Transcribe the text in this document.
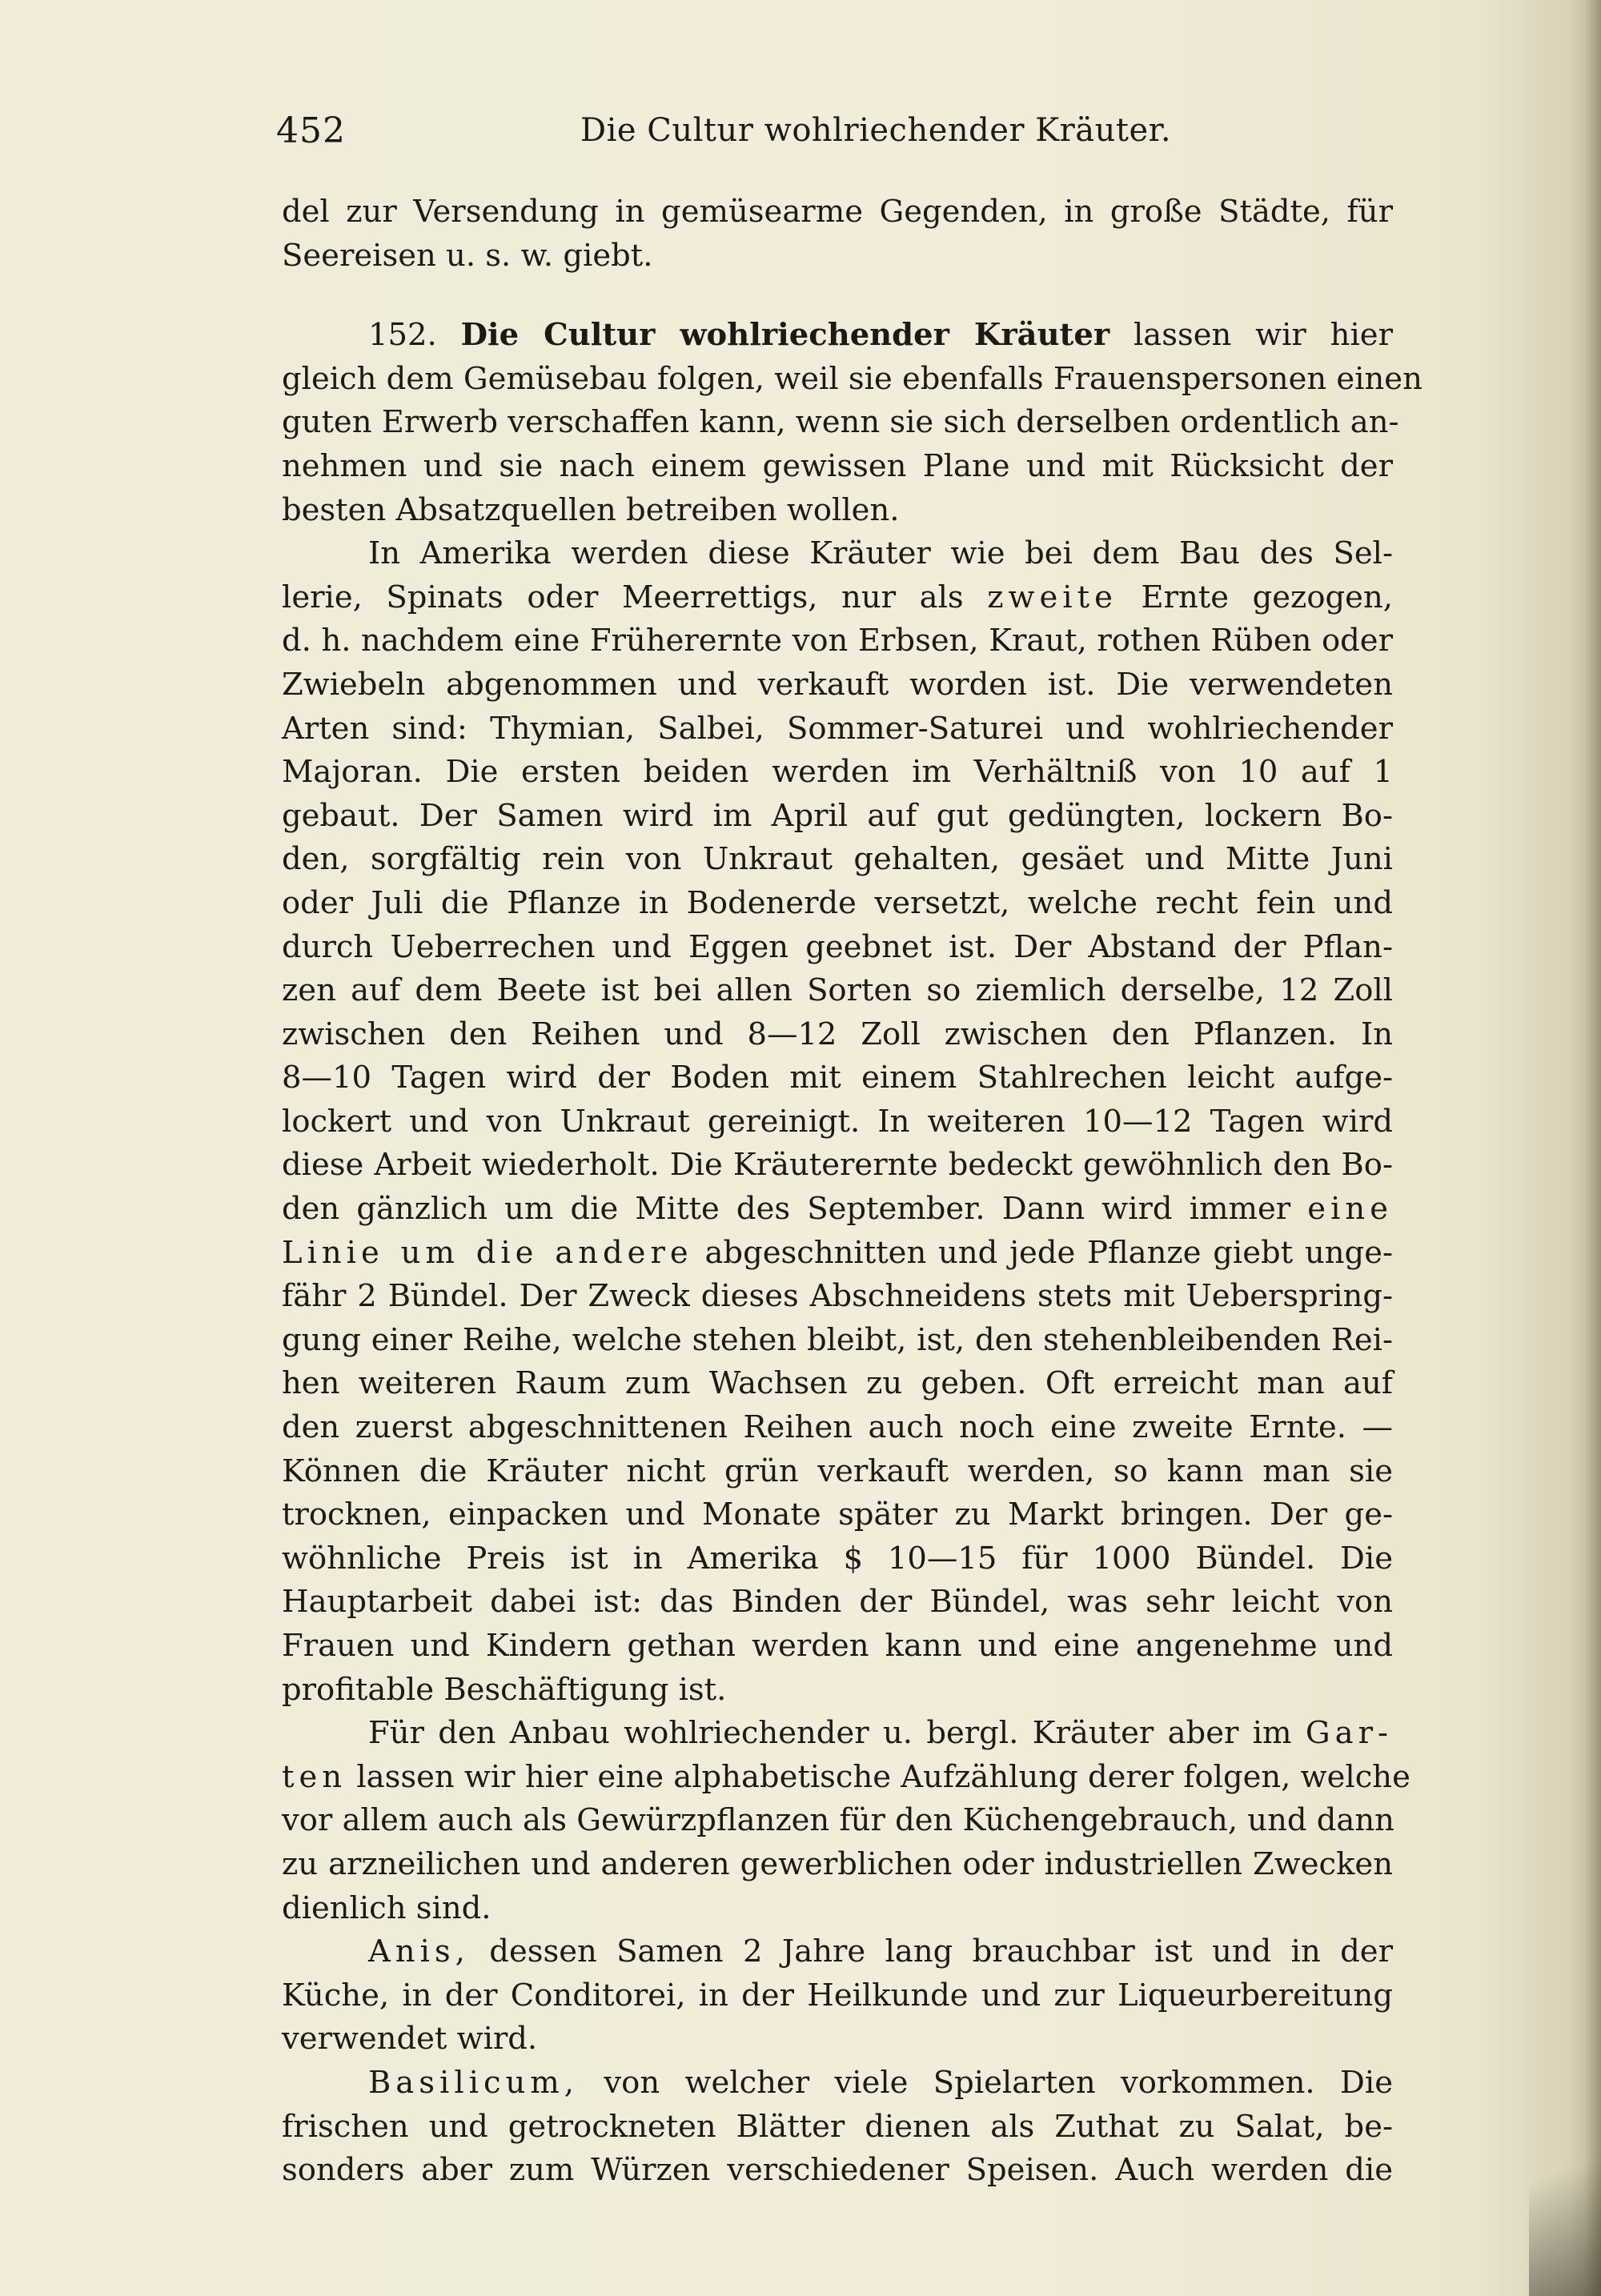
452	Die Cultur wohlriechender Kräuter.
del zur Versendung in gemüsearme Gegenden, in große Städte, für
Seereisen u. s. w. giebt.
152. Die Cultur wohlriechender Kräuter lassen wir hier
gleich dem Gemüsebau folgen, weil sie ebenfalls Frauenspersonen einen
guten Erwerb verschaffen kann, wenn sie sich derselben ordentlich an-
nehmen und sie nach einem gewissen Plane und mit Rücksicht der
besten Absatzquellen betreiben wollen.
In Amerika werden diese Kräuter wie bei dem Bau des Sel-
lerie, Spinats oder Meerrettigs, nur als zweite Ernte gezogen,
d. h. nachdem eine Früherernte von Erbsen, Kraut, rothen Rüben oder
Zwiebeln abgenommen und verkauft worden ist. Die verwendeten
Arten sind: Thymian, Salbei, Sommer-Saturei und wohlriechender
Majoran. Die ersten beiden werden im Verhältniß von 10 auf 1
gebaut. Der Samen wird im April auf gut gedüngten, lockern Bo-
den, sorgfältig rein von Unkraut gehalten, gesäet und Mitte Juni
oder Juli die Pflanze in Bodenerde versetzt, welche recht fein und
durch Ueberrechen und Eggen geebnet ist. Der Abstand der Pflan-
zen auf dem Beete ist bei allen Sorten so ziemlich derselbe, 12 Zoll
zwischen den Reihen und 8—12 Zoll zwischen den Pflanzen. In
8—10 Tagen wird der Boden mit einem Stahlrechen leicht aufge-
lockert und von Unkraut gereinigt. In weiteren 10—12 Tagen wird
diese Arbeit wiederholt. Die Kräuterernte bedeckt gewöhnlich den Bo-
den gänzlich um die Mitte des September. Dann wird immer eine
Linie um die andere abgeschnitten und jede Pflanze giebt unge-
fähr 2 Bündel. Der Zweck dieses Abschneidens stets mit Ueberspring-
gung einer Reihe, welche stehen bleibt, ist, den stehenbleibenden Rei-
hen weiteren Raum zum Wachsen zu geben. Oft erreicht man auf
den zuerst abgeschnittenen Reihen auch noch eine zweite Ernte. —
Können die Kräuter nicht grün verkauft werden, so kann man sie
trocknen, einpacken und Monate später zu Markt bringen. Der ge-
wöhnliche Preis ist in Amerika $ 10—15 für 1000 Bündel. Die
Hauptarbeit dabei ist: das Binden der Bündel, was sehr leicht von
Frauen und Kindern gethan werden kann und eine angenehme und
profitable Beschäftigung ist.
Für den Anbau wohlriechender u. bergl. Kräuter aber im Gar-
ten lassen wir hier eine alphabetische Aufzählung derer folgen, welche
vor allem auch als Gewürzpflanzen für den Küchengebrauch, und dann
zu arzneilichen und anderen gewerblichen oder industriellen Zwecken
dienlich sind.
Anis, dessen Samen 2 Jahre lang brauchbar ist und in der
Küche, in der Conditorei, in der Heilkunde und zur Liqueurbereitung
verwendet wird.
Basilicum, von welcher viele Spielarten vorkommen. Die
frischen und getrockneten Blätter dienen als Zuthat zu Salat, be-
sonders aber zum Würzen verschiedener Speisen. Auch werden die
